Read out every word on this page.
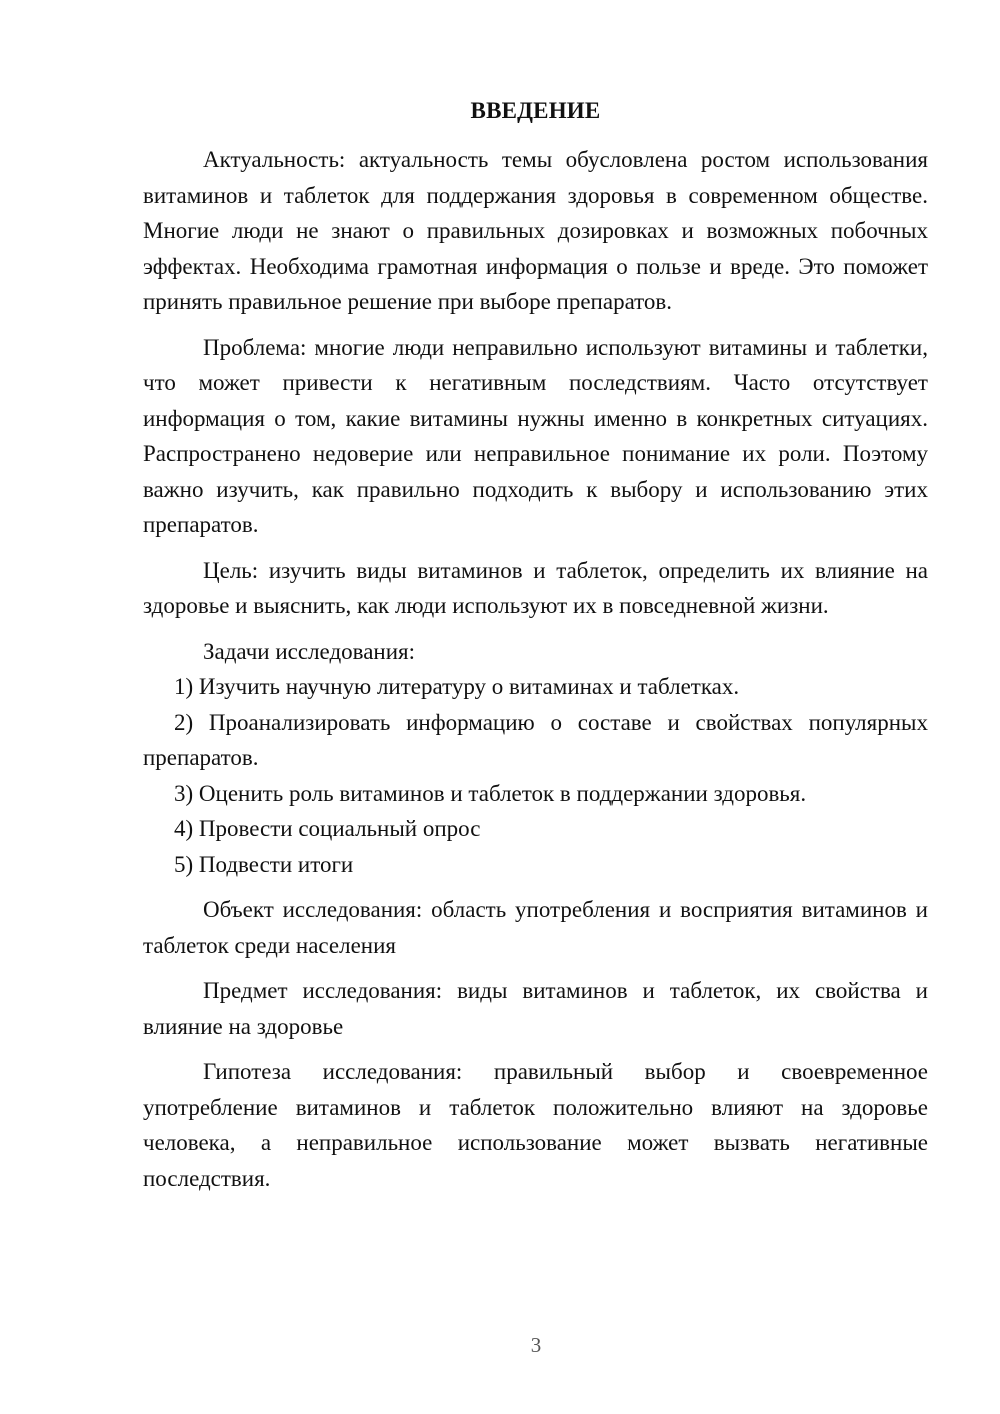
ВВЕДЕНИЕ

Актуальность: актуальность темы обусловлена ростом использования витаминов и таблеток для поддержания здоровья в современном обществе. Многие люди не знают о правильных дозировках и возможных побочных эффектах. Необходима грамотная информация о пользе и вреде. Это поможет принять правильное решение при выборе препаратов.

Проблема: многие люди неправильно используют витамины и таблетки, что может привести к негативным последствиям. Часто отсутствует информация о том, какие витамины нужны именно в конкретных ситуациях. Распространено недоверие или неправильное понимание их роли. Поэтому важно изучить, как правильно подходить к выбору и использованию этих препаратов.

Цель: изучить виды витаминов и таблеток, определить их влияние на здоровье и выяснить, как люди используют их в повседневной жизни.

Задачи исследования:

1) Изучить научную литературу о витаминах и таблетках.

2) Проанализировать информацию о составе и свойствах популярных препаратов.

3) Оценить роль витаминов и таблеток в поддержании здоровья.

4) Провести социальный опрос

5) Подвести итоги

Объект исследования: область употребления и восприятия витаминов и таблеток среди населения

Предмет исследования: виды витаминов и таблеток, их свойства и влияние на здоровье

Гипотеза исследования: правильный выбор и своевременное употребление витаминов и таблеток положительно влияют на здоровье человека, а неправильное использование может вызвать негативные последствия.

3
